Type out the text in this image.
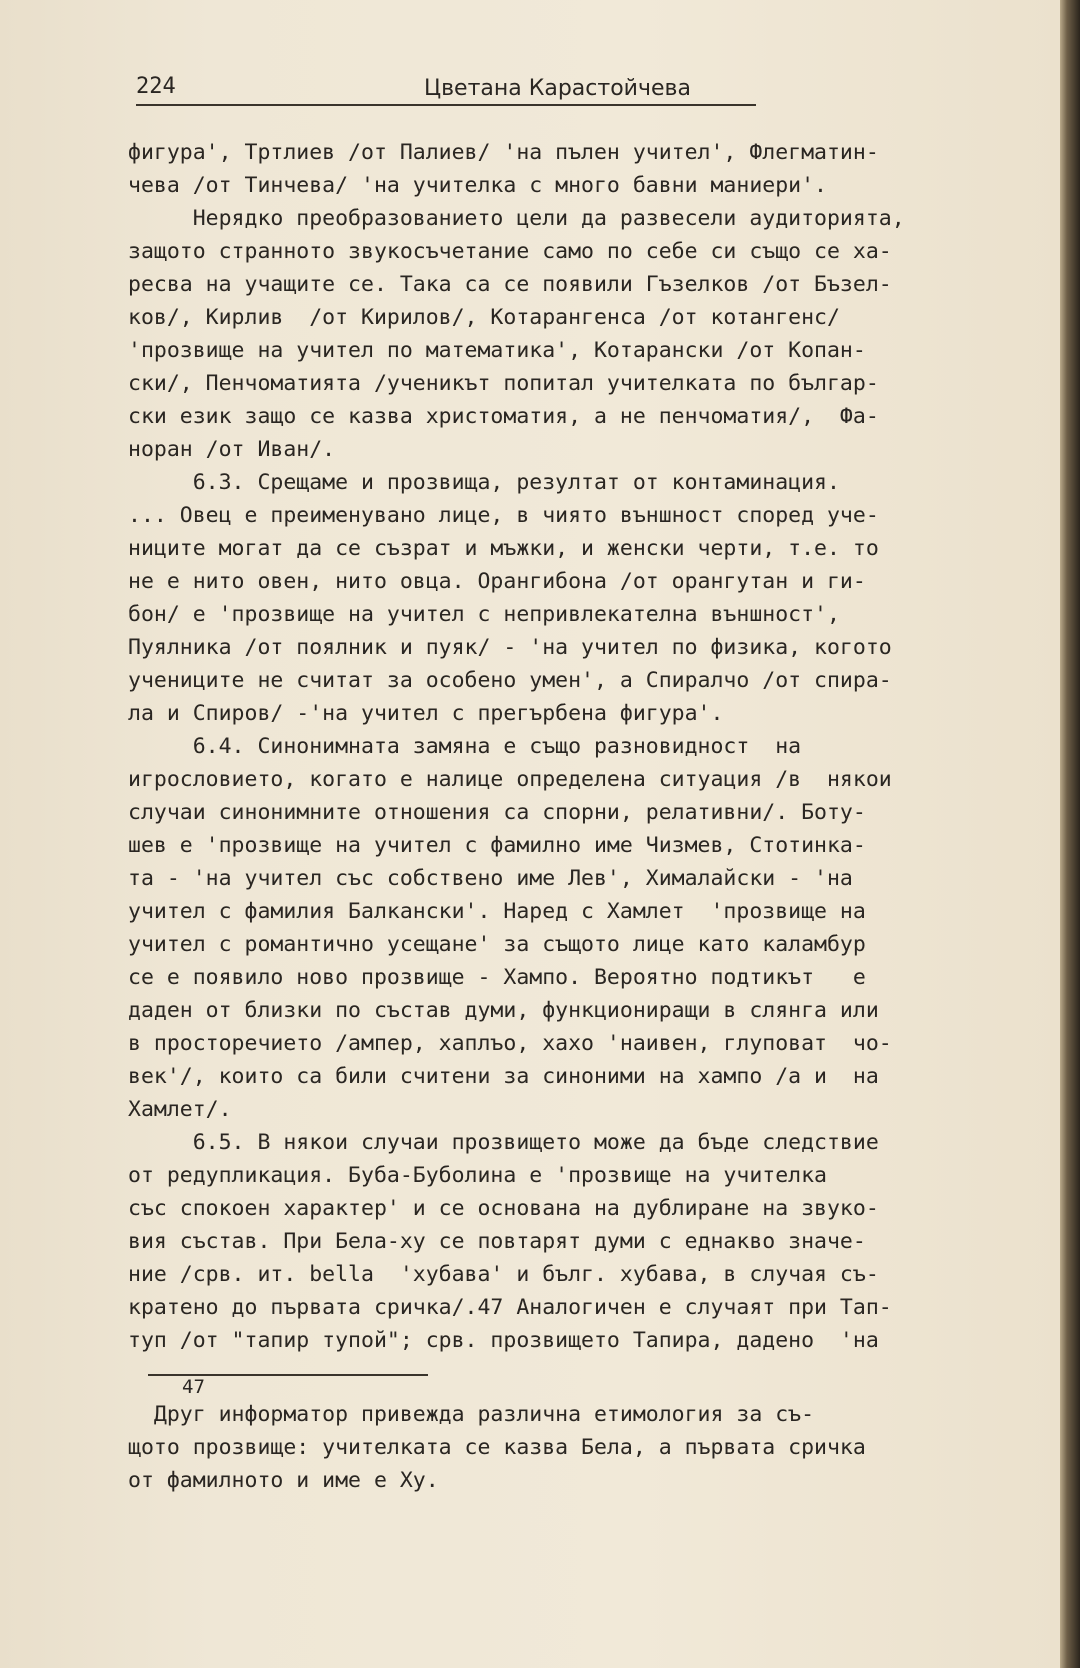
224	Цветана Карастойчева
фигура', Тртлиев /от Палиев/ 'на пълен учител', Флегматин-
чева /от Тинчева/ 'на учителка с много бавни маниери'.
Нерядко преобразованието цели да развесели аудиторията,
защото странното звукосъчетание само по себе си също се ха-
ресва на учащите се. Така са се появили Гъзелков /от Бъзел-
ков/, Кирлив  /от Кирилов/, Котарангенса /от котангенс/
'прозвище на учител по математика', Котарански /от Копан-
ски/, Пенчоматията /ученикът попитал учителката по българ-
ски език защо се казва христоматия, а не пенчоматия/,  Фа-
норан /от Иван/.
6.3. Срещаме и прозвища, резултат от контаминация.
... Овец е преименувано лице, в чиято външност според уче-
ниците могат да се съзрат и мъжки, и женски черти, т.е. то
не е нито овен, нито овца. Орангибона /от орангутан и ги-
бон/ е 'прозвище на учител с непривлекателна външност',
Пуялника /от поялник и пуяк/ - 'на учител по физика, когото
учениците не считат за особено умен', а Спиралчо /от спира-
ла и Спиров/ -'на учител с прегърбена фигура'.
6.4. Синонимната замяна е също разновидност  на
игрословието, когато е налице определена ситуация /в  някои
случаи синонимните отношения са спорни, релативни/. Боту-
шев е 'прозвище на учител с фамилно име Чизмев, Стотинка-
та - 'на учител със собствено име Лев', Хималайски - 'на
учител с фамилия Балкански'. Наред с Хамлет  'прозвище на
учител с романтично усещане' за същото лице като каламбур
се е появило ново прозвище - Хампо. Вероятно подтикът   е
даден от близки по състав думи, функциониращи в слянга или
в просторечието /ампер, хаплъо, хахо 'наивен, глуповат  чо-
век'/, които са били считени за синоними на хампо /а и  на
Хамлет/.
6.5. В някои случаи прозвището може да бъде следствие
от редупликация. Буба-Буболина е 'прозвище на учителка
със спокоен характер' и се основана на дублиране на звуко-
вия състав. При Бела-ху се повтарят думи с еднакво значе-
ние /срв. ит. bella  'хубава' и бълг. хубава, в случая съ-
кратено до първата сричка/.47 Аналогичен е случаят при Тап-
туп /от "тапир тупой"; срв. прозвището Тапира, дадено  'на
47
Друг информатор привежда различна етимология за съ-
щото прозвище: учителката се казва Бела, а първата сричка
от фамилното и име е Ху.
